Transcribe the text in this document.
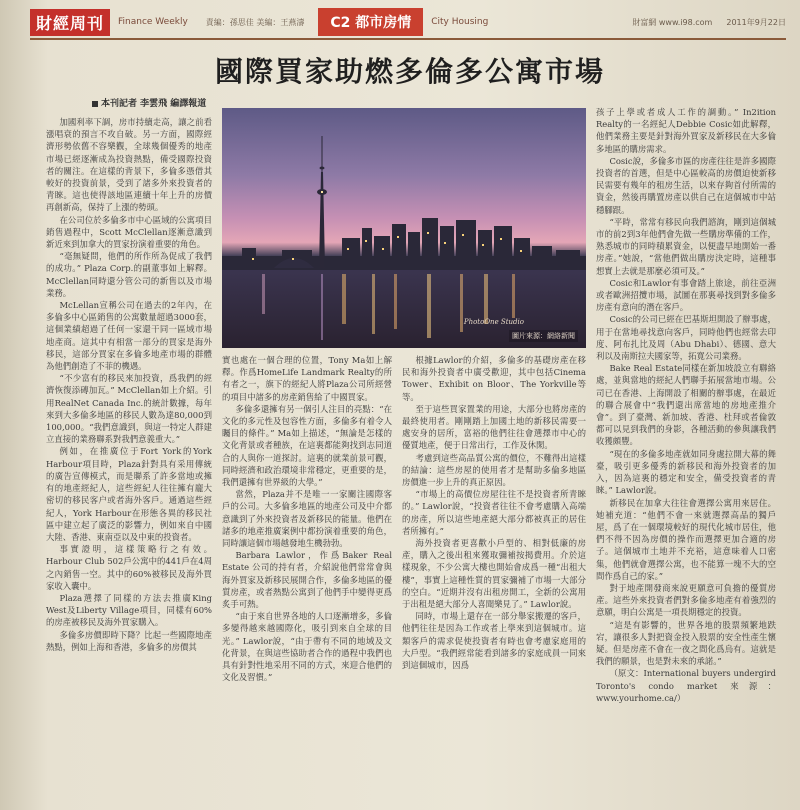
財經周刊	Finance Weekly 責編：孫思佳 美編：王燕濤	C2 都市房情	City Housing	財富網 www.i98.com 2011年9月22日
國際買家助燃多倫多公寓市場
本刊記者 李雲飛 編譯報道

加國利率下調，房市持續走高，讓之前看漲唱衰的預言不攻自破。另一方面，國際經濟形勢依舊不容樂觀，全球幾個優秀的地產市場已經逐漸成為投資熱點，備受國際投資者的關注。在這樣的背景下，多倫多憑借其較好的投資前景，受到了諸多外來投資者的青睞。這也使得該地區連續十年上升的房價再創新高，保持了上漲的勢頭。

在公司位於多倫多市中心區域的公寓項目銷售過程中，Scott McClellan逐漸意識到新近來到加拿大的買家扮演着重要的角色。

“毫無疑問，他們的所作所為促成了我們的成功。” Plaza Corp.的副董事如上解釋。McClellan同時還分管公司的新售以及市場業務。

McLellan宣稱公司在過去的2年內，在多倫多中心區銷售的公寓數量超過3000套，這個業績超過了任何一家還干同一區域市場地產商。這其中有相當一部分的買家是海外移民，這部分買家在多倫多地產市場的群體為他們創造了不菲的機遇。

“不少富有的移民來加投資，爲我們的經濟恢復添磚加瓦。” McClellan如上介紹。引用RealNet Canada Inc.的統計數據，每年來到大多倫多地區的移民人數為達80,000到100,000。“我們意識到，與這一特定人群建立直接的業務聯系對我們意義重大。”

例如，在推廣位于Fort York的York Harbour項目時，Plaza針對具有采用傳統的廣告宣傳模式，而是聯系了許多當地或擁有的地產經紀人，這些經紀人往往擁有龐大密切的移民客户或者海外客戶。通過這些經紀人，York Harbour在形態各異的移民社區中建立起了廣泛的影響力，例如來自中國大陸、香港、東南亞以及中東的投資者。

事實證明，這樣策略行之有效。Harbour Club 502戶公寓中的441戶在4周之內銷售一空。其中的60%被移民及海外買家收入囊中。

Plaza選擇了同樣的方法去推廣King West及Liberty Village項目，同樣有60%的房產被移民及海外買家購入。

多倫多房價即時下降？比起一些國際地產熱點，例如上海和香港，多倫多的房價其

PhotoOne Studio
圖片來源：網絡新聞

實也處在一個合理的位置，Tony Ma如上解釋。作爲HomeLife Landmark Realty的所有者之一，旗下的經紀人將Plaza公司所經營的項目中諸多的房產銷售給了中國買家。

多倫多還擁有另一個引人注目的亮點：“在文化的多元性及包容性方面，多倫多有着令人矚目的條件。” Ma如上描述，“無論是怎樣的文化背景或者種族，在這裏都能夠找到志同道合的人與你一道探討。這裏的就業前景可觀，同時經濟和政治環境非常穩定，更重要的是，我們還擁有世界級的大學。”

當然，Plaza并不是唯一一家關注國際客戶的公司。大多倫多地區的地產公司及中介都意識到了外來投資者及新移民的能量。他們在諸多的地產推廣案例中都扮演着重要的角色，同時讓這個市場越發地生機勃勃。

Barbara Lawlor，作爲Baker Real Estate 公司的持有者，介紹說他們常常會與海外買家及新移民展開合作，多倫多地區的優質房產，或者熱點公寓到了他們手中變得更爲炙手可熱。

“由于來自世界各地的人口逐漸增多，多倫多變得越來越國際化，吸引到來自全球的目光。” Lawlor說，“由于帶有不同的地域及文化背景，在與這些協助者合作的過程中我們也具有針對性地采用不同的方式，來迎合他們的文化及習慣。”

根據Lawlor的介紹，多倫多的基礎房產在移民和海外投資者中廣受歡迎，其中包括Cinema Tower、Exhibit on Bloor、The Yorkville等等。

至于這些買家置業的用途，大部分也將房產的最終使用者。剛剛踏上加國土地的新移民需要一處安身的居所，富裕的他們往往會選擇市中心的優質地產，便于日常出行，工作及休閑。

考慮到這些高品質公寓的價位，不難得出這樣的結論：這些房屋的使用者才是幫助多倫多地區房價進一步上升的真正原因。

“市場上的高價位房屋往往不是投資者所青睞的。” Lawlor說，“投資者往往不會考慮購入高端的房產，所以這些地產絕大部分都被真正的居住者所擁有。”

海外投資者更喜歡小戶型的、相對低廉的房產，購入之後出租來獲取彌補按揭費用。介於這樣現象，不少公寓大樓也開始會成爲一種“出租大樓”，事實上這種性質的買家彌補了市場一大部分的空白。“近期并沒有出租房開工，全新的公寓用于出租是絕大部分人喜聞樂見了。” Lawlor說。

同時，市場上還存在一部分舉家搬遷的客戶，他們往往是因為工作或者上學來到這個城市。這類客戶的需求促使投資者有時也會考慮家庭用的大戶型。“我們經常能看到諸多的家庭成員一同來到這個城市，因爲

孩子上學或者成人工作的調動。” In2ition Realty的一名經紀人Debbie Cosic如此解釋，他們業務主要是針對海外買家及新移民在大多倫多地區的購房需求。

Cosic說，多倫多市區的房產往往是許多國際投資者的首選，但是中心區較高的房價迫使新移民需要有幾年的租房生活，以來存夠首付所需的資金，然後再購置房產以供自己在這個城市中站穩腳跟。

“平時，常常有移民向我們諮詢，剛到這個城市的前2到3年他們會先做一些購房準備的工作，熟悉城市的同時積累資金，以便盡早地開始一番房產。”她說，“當他們做出購房決定時，這種事想實上去就是那麼必須可及。”

Cosic和Lawlor有事會踏上旅途，前往亞洲或者歐洲招攬市場，試圖在那裏尋找到對多倫多房產有意向的潛在客戶。

Cosic的公司已經在巴基斯坦開設了辦事處，用于在當地尋找意向客戶，同時他們也經常去印度、阿布扎比及周（Abu Dhabi）、德國、意大利以及南斯拉夫國家等，拓寬公司業務。

Bake Real Estate同樣在新加坡設立有聯絡處，並與當地的經紀人們聯手拓展當地市場。公司已在香港、上海開設了相關的辦事處，在最近的聯合展會中“我們還出席當地的房地產推介會”。到了臺灣、新加坡、香港、杜拜或者倫敦都可以見到我們的身影，各種活動的參與讓我們收獲頗豐。

“現在的多倫多地產就如同身處拉開大幕的舞臺，吸引更多優秀的新移民和海外投資者的加入，因為這裏的穩定和安全，備受投資者的青睞。” Lawlor說。

新移民在加拿大往往會選擇公寓用來居住。她補充道：“他們不會一來就選擇高品的獨戶屋，爲了在一個環境較好的現代化城市居住，他們不得不因為房價的操作而選擇更加合適的房子。這個城市土地并不充裕，這意味着人口密集，他們就會選擇公寓，也不能算一塊不大的空間作爲自己的家。”

對于地產開發商來說更願意可負擔的優質房產。這些外來投資者們對多倫多地產有着強烈的意願，明白公寓是一項長期穩定的投資。

“這是有影響的，世界各地的股票頻繁地跌宕，讓很多人對把資金投入股票的安全性產生懷疑。但是房產不會在一夜之間化爲烏有。這就是我們的願景，也是對未來的承諾。”

（原文：International buyers undergird Toronto's condo market 來源：www.yourhome.ca/）
